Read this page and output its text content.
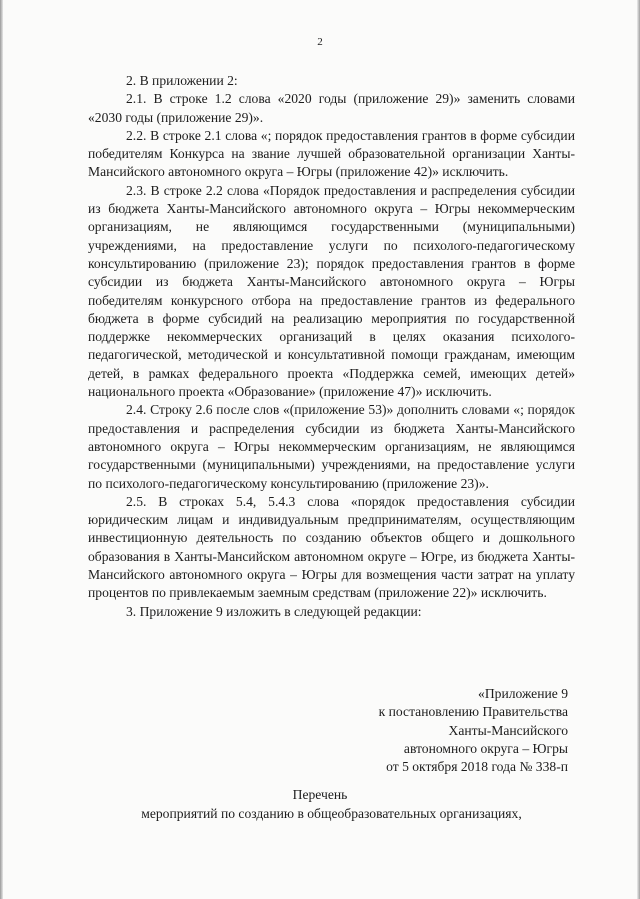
2

2. В приложении 2:

2.1. В строке 1.2 слова «2020 годы (приложение 29)» заменить словами «2030 годы (приложение 29)».

2.2. В строке 2.1 слова «; порядок предоставления грантов в форме субсидии победителям Конкурса на звание лучшей образовательной организации Ханты-Мансийского автономного округа – Югры (приложение 42)» исключить.

2.3. В строке 2.2 слова «Порядок предоставления и распределения субсидии из бюджета Ханты-Мансийского автономного округа – Югры некоммерческим организациям, не являющимся государственными (муниципальными) учреждениями, на предоставление услуги по психолого-педагогическому консультированию (приложение 23); порядок предоставления грантов в форме субсидии из бюджета Ханты-Мансийского автономного округа – Югры победителям конкурсного отбора на предоставление грантов из федерального бюджета в форме субсидий на реализацию мероприятия по государственной поддержке некоммерческих организаций в целях оказания психолого-педагогической, методической и консультативной помощи гражданам, имеющим детей, в рамках федерального проекта «Поддержка семей, имеющих детей» национального проекта «Образование» (приложение 47)» исключить.

2.4. Строку 2.6 после слов «(приложение 53)» дополнить словами «; порядок предоставления и распределения субсидии из бюджета Ханты-Мансийского автономного округа – Югры некоммерческим организациям, не являющимся государственными (муниципальными) учреждениями, на предоставление услуги по психолого-педагогическому консультированию (приложение 23)».

2.5. В строках 5.4, 5.4.3 слова «порядок предоставления субсидии юридическим лицам и индивидуальным предпринимателям, осуществляющим инвестиционную деятельность по созданию объектов общего и дошкольного образования в Ханты-Мансийском автономном округе – Югре, из бюджета Ханты-Мансийского автономного округа – Югры для возмещения части затрат на уплату процентов по привлекаемым заемным средствам (приложение 22)» исключить.

3. Приложение 9 изложить в следующей редакции:

«Приложение 9
к постановлению Правительства
Ханты-Мансийского
автономного округа – Югры
от 5 октября 2018 года № 338-п
Перечень
мероприятий по созданию в общеобразовательных организациях,
